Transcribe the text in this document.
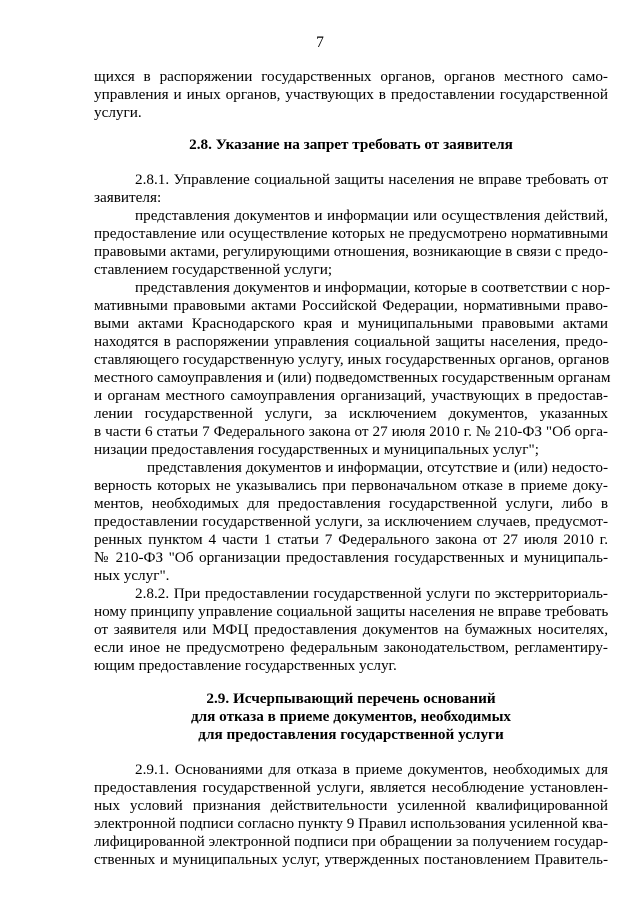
7
щихся в распоряжении государственных органов, органов местного само-
управления и иных органов, участвующих в предоставлении государственной
услуги.
2.8. Указание на запрет требовать от заявителя
2.8.1. Управление социальной защиты населения не вправе требовать от
заявителя:
представления документов и информации или осуществления действий,
предоставление или осуществление которых не предусмотрено нормативными
правовыми актами, регулирующими отношения, возникающие в связи с предо-
ставлением государственной услуги;
представления документов и информации, которые в соответствии с нор-
мативными правовыми актами Российской Федерации, нормативными право-
выми актами Краснодарского края и муниципальными правовыми актами
находятся в распоряжении управления социальной защиты населения, предо-
ставляющего государственную услугу, иных государственных органов, органов
местного самоуправления и (или) подведомственных государственным органам
и органам местного самоуправления организаций, участвующих в предостав-
лении государственной услуги, за исключением документов, указанных
в части 6 статьи 7 Федерального закона от 27 июля 2010 г. № 210-ФЗ "Об орга-
низации предоставления государственных и муниципальных услуг";
представления документов и информации, отсутствие и (или) недосто-
верность которых не указывались при первоначальном отказе в приеме доку-
ментов, необходимых для предоставления государственной услуги, либо в
предоставлении государственной услуги, за исключением случаев, предусмот-
ренных пунктом 4 части 1 статьи 7 Федерального закона от 27 июля 2010 г.
№ 210-ФЗ "Об организации предоставления государственных и муниципаль-
ных услуг".
2.8.2. При предоставлении государственной услуги по экстерриториаль-
ному принципу управление социальной защиты населения не вправе требовать
от заявителя или МФЦ предоставления документов на бумажных носителях,
если иное не предусмотрено федеральным законодательством, регламентиру-
ющим предоставление государственных услуг.
2.9. Исчерпывающий перечень оснований
для отказа в приеме документов, необходимых
для предоставления государственной услуги
2.9.1. Основаниями для отказа в приеме документов, необходимых для
предоставления государственной услуги, является несоблюдение установлен-
ных условий признания действительности усиленной квалифицированной
электронной подписи согласно пункту 9 Правил использования усиленной ква-
лифицированной электронной подписи при обращении за получением государ-
ственных и муниципальных услуг, утвержденных постановлением Правитель-
